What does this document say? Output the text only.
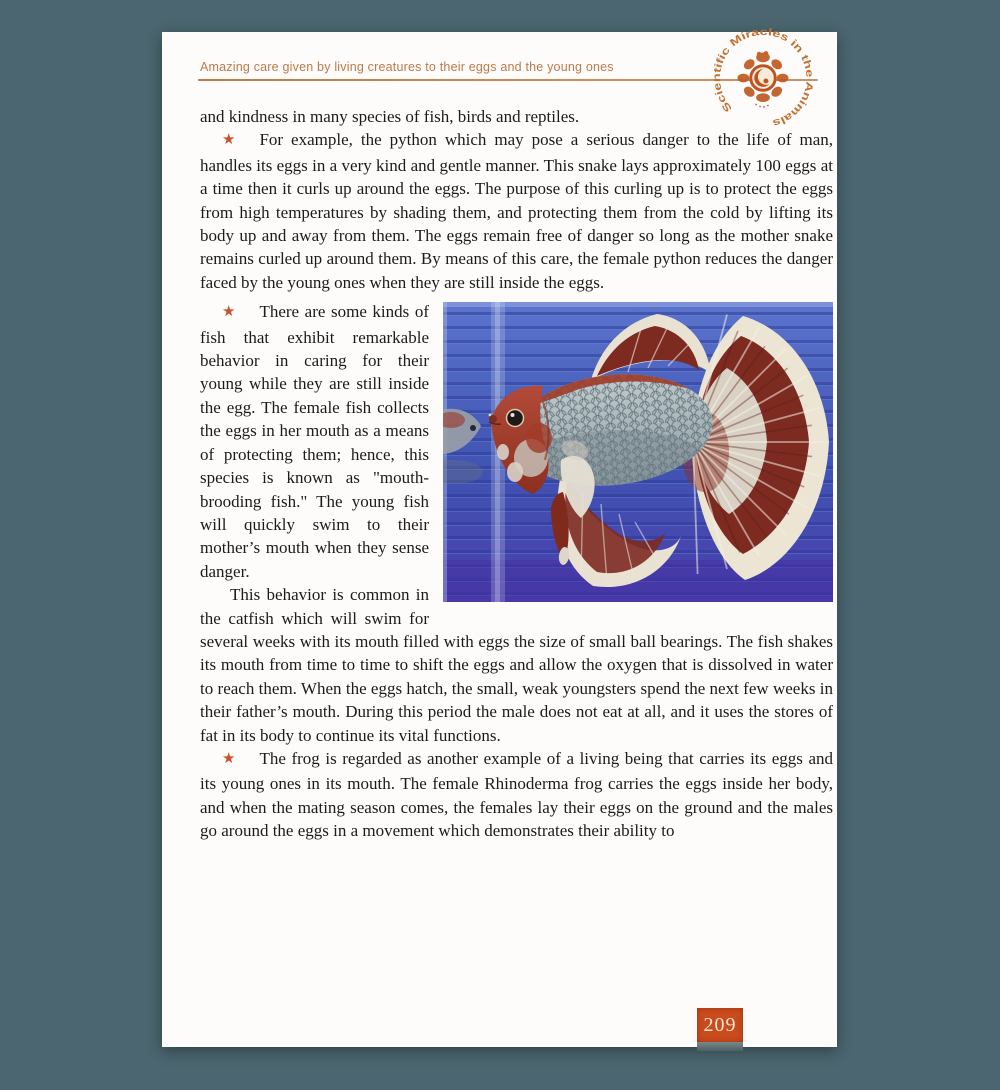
Amazing care given by living creatures to their eggs and the young ones
Scientific Miracles in the Animals

and kindness in many species of fish, birds and reptiles.

★ For example, the python which may pose a serious danger to the life of man, handles its eggs in a very kind and gentle manner. This snake lays approximately 100 eggs at a time then it curls up around the eggs. The purpose of this curling up is to protect the eggs from high temperatures by shading them, and protecting them from the cold by lifting its body up and away from them. The eggs remain free of danger so long as the mother snake remains curled up around them. By means of this care, the female python reduces the danger faced by the young ones when they are still inside the eggs.

★ There are some kinds of fish that exhibit remarkable behavior in caring for their young while they are still inside the egg. The female fish collects the eggs in her mouth as a means of protecting them; hence, this species is known as "mouth-brooding fish." The young fish will quickly swim to their mother’s mouth when they sense danger.

This behavior is common in the catfish which will swim for several weeks with its mouth filled with eggs the size of small ball bearings. The fish shakes its mouth from time to time to shift the eggs and allow the oxygen that is dissolved in water to reach them. When the eggs hatch, the small, weak youngsters spend the next few weeks in their father’s mouth. During this period the male does not eat at all, and it uses the stores of fat in its body to continue its vital functions.

★ The frog is regarded as another example of a living being that carries its eggs and its young ones in its mouth. The female Rhinoderma frog carries the eggs inside her body, and when the mating season comes, the females lay their eggs on the ground and the males go around the eggs in a movement which demonstrates their ability to

209
